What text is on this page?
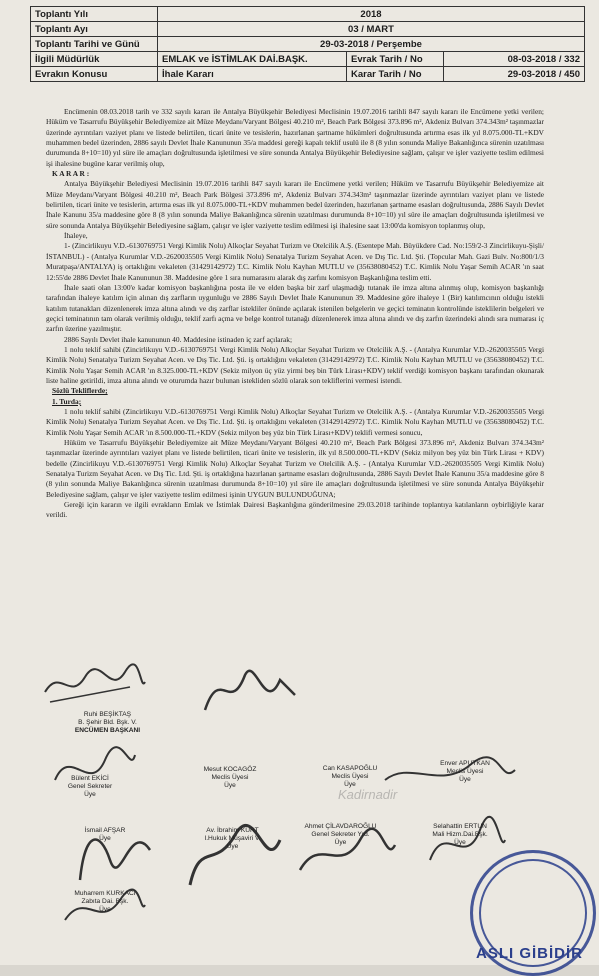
Toplantı Yılı	2018		
Toplantı Ayı	03 / MART		
Toplantı Tarihi ve Günü	29-03-2018 / Perşembe		
İlgili Müdürlük	EMLAK ve İSTİMLAK DAİ.BAŞK.	Evrak Tarih / No	08-03-2018 / 332
Evrakın Konusu	İhale Kararı	Karar Tarih / No	29-03-2018 / 450

Encümenin 08.03.2018 tarih ve 332 sayılı kararı ile Antalya Büyükşehir Belediyesi Meclisinin 19.07.2016 tarihli 847 sayılı kararı ile Encümene yetki verilen; Hüküm ve Tasarrufu Büyükşehir Belediyemize ait Müze Meydanı/Varyant Bölgesi 40.210 m², Beach Park Bölgesi 373.896 m², Akdeniz Bulvarı 374.343m² taşınmazlar üzerinde ayrıntıları vaziyet planı ve listede belirtilen, ticari ünite ve tesislerin, hazırlanan şartname hükümleri doğrultusunda artırma esas ilk yıl 8.075.000-TL+KDV muhammen bedel üzerinden, 2886 sayılı Devlet İhale Kanununun 35/a maddesi gereği kapalı teklif usulü ile 8 (8 yılın sonunda Maliye Bakanlığınca sürenin uzatılması durumunda 8+10=10) yıl süre ile amaçları doğrultusunda işletilmesi ve süre sonunda Antalya Büyükşehir Belediyesine sağlam, çalışır ve işler vaziyette teslim edilmesi işi ihalesine bugüne karar verilmiş olup,

K A R A R :

Antalya Büyükşehir Belediyesi Meclisinin 19.07.2016 tarihli 847 sayılı kararı ile Encümene yetki verilen; Hüküm ve Tasarrufu Büyükşehir Belediyemize ait Müze Meydanı/Varyant Bölgesi 40.210 m², Beach Park Bölgesi 373.896 m², Akdeniz Bulvarı 374.343m² taşınmazlar üzerinde ayrıntıları vaziyet planı ve listede belirtilen, ticari ünite ve tesislerin, artırma esas ilk yıl 8.075.000-TL+KDV muhammen bedel üzerinden, hazırlanan şartname esasları doğrultusunda, 2886 Sayılı Devlet İhale Kanunu 35/a maddesine göre 8 (8 yılın sonunda Maliye Bakanlığınca sürenin uzatılması durumunda 8+10=10) yıl süre ile amaçları doğrultusunda işletilmesi ve süre sonunda Antalya Büyükşehir Belediyesine sağlam, çalışır ve işler vaziyette teslim edilmesi işi ihalesine saat 13:00'da komisyon toplanmış olup,

İhaleye,

1- (Zincirlikuyu V.D.-6130769751 Vergi Kimlik Nolu) Alkoçlar Seyahat Turizm ve Otelcilik A.Ş. (Esentepe Mah. Büyükdere Cad. No:159/2-3 Zincirlikuyu-Şişli/İSTANBUL) - (Antalya Kurumlar V.D.-2620035505 Vergi Kimlik Nolu) Senatalya Turizm Seyahat Acen. ve Dış Tic. Ltd. Şti. (Topcular Mah. Gazi Bulv. No:800/1/3 Muratpaşa/ANTALYA) iş ortaklığını vekaleten (31429142972) T.C. Kimlik Nolu Kayhan MUTLU ve (35638080452) T.C. Kimlik Nolu Yaşar Semih ACAR 'ın saat 12:55'de 2886 Devlet İhale Kanununun 38. Maddesine göre 1 sıra numarasını alarak dış zarfını komisyon Başkanlığına teslim etti.

İhale saati olan 13:00'e kadar komisyon başkanlığına posta ile ve elden başka bir zarf ulaşmadığı tutanak ile imza altına alınmış olup, komisyon başkanlığı tarafından ihaleye katılım için alınan dış zarfların uygunluğu ve 2886 Sayılı Devlet İhale Kanununun 39. Maddesine göre ihaleye 1 (Bir) katılımcının olduğu istekli katılım tutanakları düzenlenerek imza altına alındı ve dış zarflar istekliler önünde açılarak istenilen belgelerin ve geçici teminatın kontrolünde isteklilerin belgeleri ve geçici teminatının tam olarak verilmiş olduğu, teklif zarfı açma ve belge kontrol tutanağı düzenlenerek imza altına alındı ve dış zarfın üzerindeki alındı sıra numarası iç zarfın üzerine yazılmıştır.

2886 Sayılı Devlet ihale kanununun 40. Maddesine istinaden iç zarf açılarak;

1 nolu teklif sahibi (Zincirlikuyu V.D.-6130769751 Vergi Kimlik Nolu) Alkoçlar Seyahat Turizm ve Otelcilik A.Ş. - (Antalya Kurumlar V.D.-2620035505 Vergi Kimlik Nolu) Senatalya Turizm Seyahat Acen. ve Dış Tic. Ltd. Şti. iş ortaklığını vekaleten (31429142972) T.C. Kimlik Nolu Kayhan MUTLU ve (35638080452) T.C. Kimlik Nolu Yaşar Semih ACAR 'ın 8.325.000-TL+KDV (Sekiz milyon üç yüz yirmi beş bin Türk Lirası+KDV) teklif verdiği komisyon başkanı tarafından okunarak liste haline getirildi, imza altına alındı ve oturumda hazır bulunan istekliden sözlü olarak son tekliflerini vermesi istendi.

Sözlü Tekliflerde;

1. Turda;

1 nolu teklif sahibi (Zincirlikuyu V.D.-6130769751 Vergi Kimlik Nolu) Alkoçlar Seyahat Turizm ve Otelcilik A.Ş. - (Antalya Kurumlar V.D.-2620035505 Vergi Kimlik Nolu) Senatalya Turizm Seyahat Acen. ve Dış Tic. Ltd. Şti. iş ortaklığını vekaleten (31429142972) T.C. Kimlik Nolu Kayhan MUTLU ve (35638080452) T.C. Kimlik Nolu Yaşar Semih ACAR 'ın 8.500.000-TL+KDV (Sekiz milyon beş yüz bin Türk Lirası+KDV) teklifi vermesi sonucu,

Hüküm ve Tasarrufu Büyükşehir Belediyemize ait Müze Meydanı/Varyant Bölgesi 40.210 m², Beach Park Bölgesi 373.896 m², Akdeniz Bulvarı 374.343m² taşınmazlar üzerinde ayrıntıları vaziyet planı ve listede belirtilen, ticari ünite ve tesislerin, ilk yıl 8.500.000-TL+KDV (Sekiz milyon beş yüz bin Türk Lirası + KDV) bedelle (Zincirlikuyu V.D.-6130769751 Vergi Kimlik Nolu) Alkoçlar Seyahat Turizm ve Otelcilik A.Ş. - (Antalya Kurumlar V.D.-2620035505 Vergi Kimlik Nolu) Senatalya Turizm Seyahat Acen. ve Dış Tic. Ltd. Şti. iş ortaklığına hazırlanan şartname esasları doğrultusunda, 2886 Sayılı Devlet İhale Kanunu 35/a maddesine göre 8 (8 yılın sonunda Maliye Bakanlığınca sürenin uzatılması durumunda 8+10=10) yıl süre ile amaçları doğrultusunda işletilmesi ve süre sonunda Antalya Büyükşehir Belediyesine sağlam, çalışır ve işler vaziyette teslim edilmesi işinin UYGUN BULUNDUĞUNA;

Gereği için kararın ve ilgili evrakların Emlak ve İstimlak Dairesi Başkanlığına gönderilmesine 29.03.2018 tarihinde toplantıya katılanların oybirliğiyle karar verildi.

Ruhi BEŞİKTAŞ
B. Şehir Bld. Bşk. V.
ENCÜMEN BAŞKANI
Bülent EKİCİ
Genel Sekreter
Üye
Mesut KOCAGÖZ
Meclis Üyesi
Üye
Can KASAPOĞLU
Meclis Üyesi
Üye
Enver APUTKAN
Meclis Üyesi
Üye
İsmail AFŞAR
Üye
Av. İbrahim KURT
I.Hukuk Müşaviri V.
Üye
Ahmet ÇİLAVDAROĞLU
Genel Sekreter Yrd.
Üye
Selahattin ERTUN
Mali Hizm.Dai.Bşk.
Üye
Muharrem KURKACI
Zabıta Dai. Bşk.
Üye
Kadirnadir
ASLI GİBİDİR
